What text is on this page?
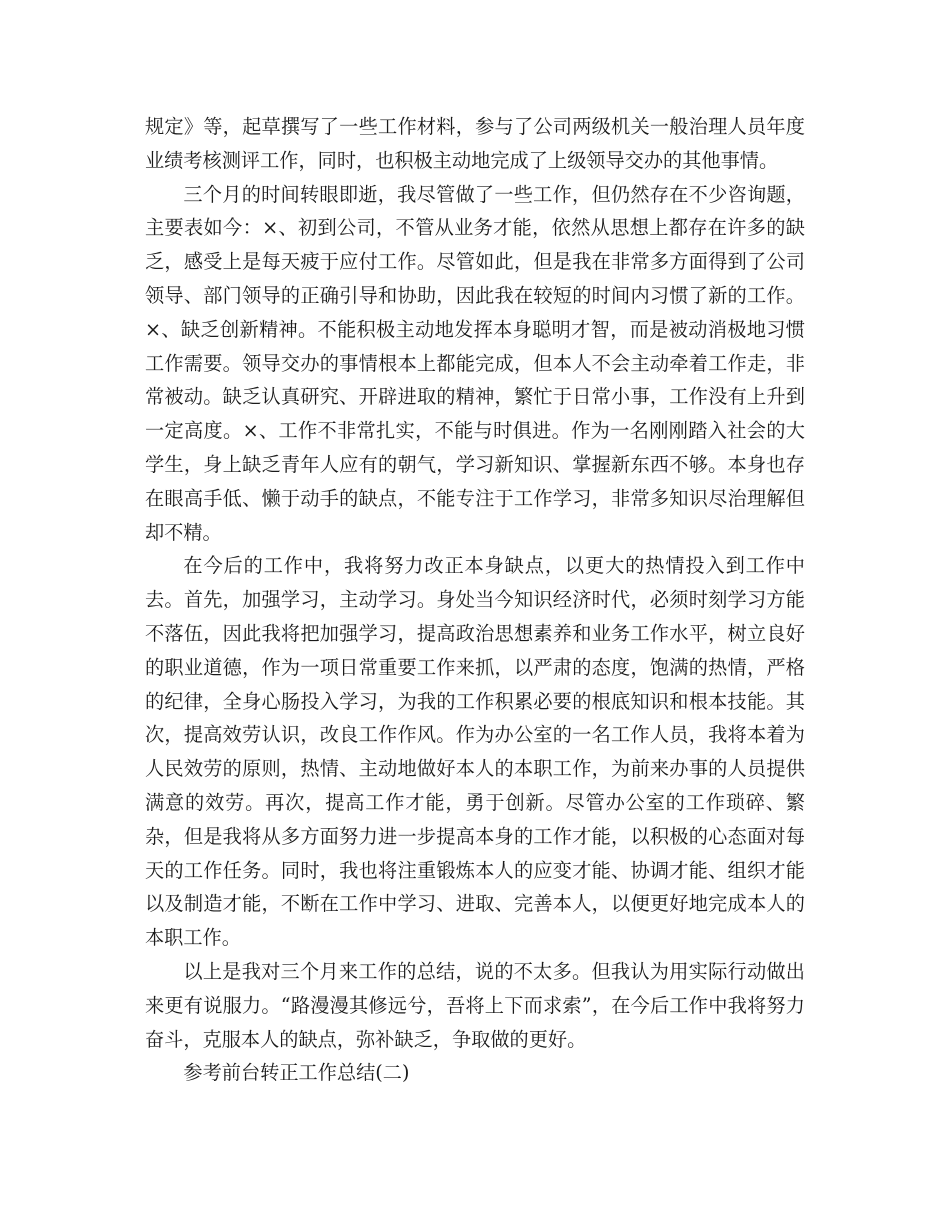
规定》等，起草撰写了一些工作材料，参与了公司两级机关一般治理人员年度业绩考核测评工作，同时，也积极主动地完成了上级领导交办的其他事情。

三个月的时间转眼即逝，我尽管做了一些工作，但仍然存在不少咨询题，主要表如今：×、初到公司，不管从业务才能，依然从思想上都存在许多的缺乏，感受上是每天疲于应付工作。尽管如此，但是我在非常多方面得到了公司领导、部门领导的正确引导和协助，因此我在较短的时间内习惯了新的工作。×、缺乏创新精神。不能积极主动地发挥本身聪明才智，而是被动消极地习惯工作需要。领导交办的事情根本上都能完成，但本人不会主动牵着工作走，非常被动。缺乏认真研究、开辟进取的精神，繁忙于日常小事，工作没有上升到一定高度。×、工作不非常扎实，不能与时俱进。作为一名刚刚踏入社会的大学生，身上缺乏青年人应有的朝气，学习新知识、掌握新东西不够。本身也存在眼高手低、懒于动手的缺点，不能专注于工作学习，非常多知识尽治理解但却不精。

在今后的工作中，我将努力改正本身缺点，以更大的热情投入到工作中去。首先，加强学习，主动学习。身处当今知识经济时代，必须时刻学习方能不落伍，因此我将把加强学习，提高政治思想素养和业务工作水平，树立良好的职业道德，作为一项日常重要工作来抓，以严肃的态度，饱满的热情，严格的纪律，全身心肠投入学习，为我的工作积累必要的根底知识和根本技能。其次，提高效劳认识，改良工作作风。作为办公室的一名工作人员，我将本着为人民效劳的原则，热情、主动地做好本人的本职工作，为前来办事的人员提供满意的效劳。再次，提高工作才能，勇于创新。尽管办公室的工作琐碎、繁杂，但是我将从多方面努力进一步提高本身的工作才能，以积极的心态面对每天的工作任务。同时，我也将注重锻炼本人的应变才能、协调才能、组织才能以及制造才能，不断在工作中学习、进取、完善本人，以便更好地完成本人的本职工作。

以上是我对三个月来工作的总结，说的不太多。但我认为用实际行动做出来更有说服力。“路漫漫其修远兮，吾将上下而求索”，在今后工作中我将努力奋斗，克服本人的缺点，弥补缺乏，争取做的更好。

参考前台转正工作总结(二)
